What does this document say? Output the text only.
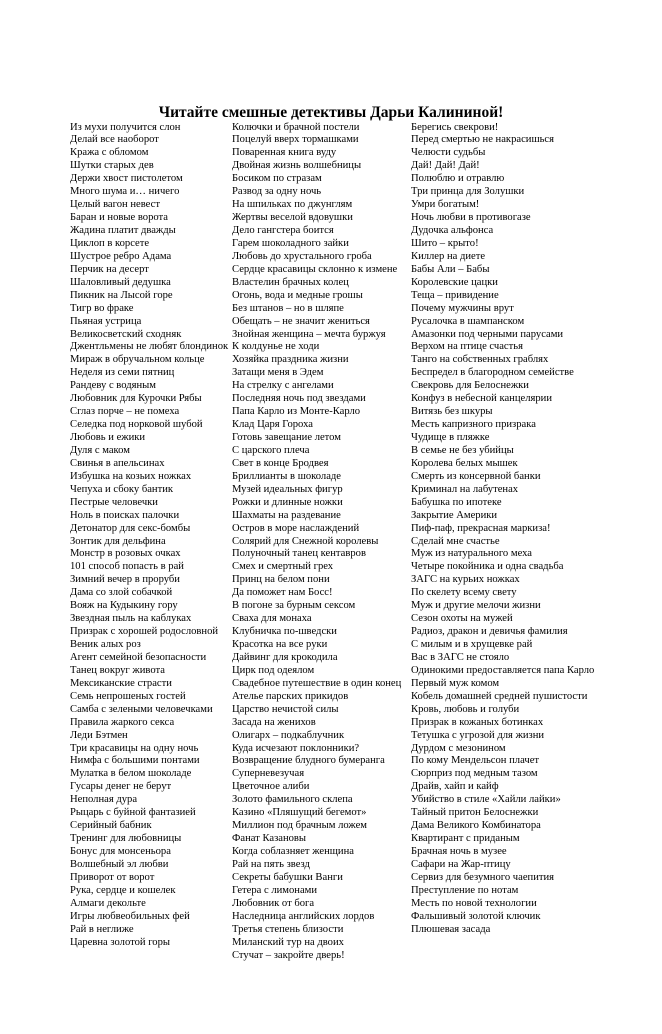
Читайте смешные детективы Дарьи Калининой!
Из мухи получится слон
Делай все наоборот
Кража с обломом
Шутки старых дев
Держи хвост пистолетом
Много шума и… ничего
Целый вагон невест
Баран и новые ворота
Жадина платит дважды
Циклоп в корсете
Шустрое ребро Адама
Перчик на десерт
Шаловливый дедушка
Пикник на Лысой горе
Тигр во фраке
Пьяная устрица
Великосветский сходняк
Джентльмены не любят блондинок
Мираж в обручальном кольце
Неделя из семи пятниц
Рандеву с водяным
Любовник для Курочки Рябы
Сглаз порче – не помеха
Селедка под норковой шубой
Любовь и ежики
Дуля с маком
Свинья в апельсинах
Избушка на козьих ножках
Чепуха и сбоку бантик
Пестрые человечки
Ноль в поисках палочки
Детонатор для секс-бомбы
Зонтик для дельфина
Монстр в розовых очках
101 способ попасть в рай
Зимний вечер в проруби
Дама со злой собачкой
Вояж на Кудыкину гору
Звездная пыль на каблуках
Призрак с хорошей родословной
Веник алых роз
Агент семейной безопасности
Танец вокруг живота
Мексиканские страсти
Семь непрошеных гостей
Самба с зелеными человечками
Правила жаркого секса
Леди Бэтмен
Три красавицы на одну ночь
Нимфа с большими понтами
Мулатка в белом шоколаде
Гусары денег не берут
Неполная дура
Рыцарь с буйной фантазией
Серийный бабник
Тренинг для любовницы
Бонус для монсеньора
Волшебный эл любви
Приворот от ворот
Рука, сердце и кошелек
Алмаги декольте
Игры любвеобильных фей
Рай в неглиже
Царевна золотой горы
Колючки и брачной постели
Поцелуй вверх тормашками
Поваренная книга вуду
Двойная жизнь волшебницы
Босиком по стразам
Развод за одну ночь
На шпильках по джунглям
Жертвы веселой вдовушки
Дело гангстера боится
Гарем шоколадного зайки
Любовь до хрустального гроба
Сердце красавицы склонно к измене
Властелин брачных колец
Огонь, вода и медные грошы
Без штанов – но в шляпе
Обещать – не значит жениться
Знойная женщина – мечта буржуя
К колдунье не ходи
Хозяйка праздника жизни
Затащи меня в Эдем
На стрелку с ангелами
Последняя ночь под звездами
Папа Карло из Монте-Карло
Клад Царя Гороха
Готовь завещание летом
С царского плеча
Свет в конце Бродвея
Бриллианты в шоколаде
Музей идеальных фигур
Рожки и длинные ножки
Шахматы на раздевание
Остров в море наслаждений
Солярий для Снежной королевы
Полуночный танец кентавров
Смех и смертный грех
Принц на белом пони
Да поможет нам Босс!
В погоне за бурным сексом
Сваха для монаха
Клубничка по-шведски
Красотка на все руки
Дайвинг для крокодила
Цирк под одеялом
Свадебное путешествие в один конец
Ательe парских прикидов
Царство нечистой силы
Засада на женихов
Олигарх – подкаблучник
Куда исчезают поклонники?
Возвращение блудного бумеранга
Суперневезучая
Цветочное алиби
Золото фамильного склепа
Казино «Пляшущий бегемот»
Миллион под брачным ложем
Фанат Казановы
Когда соблазняет женщина
Рай на пять звезд
Секреты бабушки Ванги
Гетера с лимонами
Любовник от бога
Наследница английских лордов
Третья степень близости
Миланский тур на двоих
Стучат – закройте дверь!
Берегись свекрови!
Перед смертью не накрасишься
Челюсти судьбы
Дай! Дай! Дай!
Полюблю и отравлю
Три принца для Золушки
Умри богатым!
Ночь любви в противогазе
Дудочка альфонса
Шито – крыто!
Киллер на диете
Бабы Али – Бабы
Королевские цацки
Теща – привидение
Почему мужчины врут
Русалочка в шампанском
Амазонки под черными парусами
Верхом на птице счастья
Танго на собственных граблях
Беспредел в благородном семействе
Свекровь для Белоснежки
Конфуз в небесной канцелярии
Витязь без шкуры
Месть капризного призрака
Чудище в пляжке
В семье не без убийцы
Королева белых мышек
Смерть из консервной банки
Криминал на лабутенах
Бабушка по ипотеке
Закрытие Америки
Пиф-паф, прекрасная маркиза!
Сделай мне счастье
Муж из натурального меха
Четыре покойника и одна свадьба
ЗАГС на курьих ножках
По скелету всему свету
Муж и другие мелочи жизни
Сезон охоты на мужей
Радиоз, дракон и девичья фамилия
С милым и в хрущевке рай
Вас в ЗАГС не стояло
Одинокими предоставляется папа Карло
Первый муж комом
Кобель домашней средней пушистости
Кровь, любовь и голуби
Призрак в кожаных ботинках
Тетушка с угрозой для жизни
Дурдом с мезонином
По кому Мендельсон плачет
Сюрприз под медным тазом
Драйв, хайп и кайф
Убийство в стиле «Хайли лайки»
Тайный притон Белоснежки
Дама Великого Комбинатора
Квартирант с приданым
Брачная ночь в музее
Сафари на Жар-птицу
Сервиз для безумного чаепития
Преступление по нотам
Месть по новой технологии
Фальшивый золотой ключик
Плюшевая засада
